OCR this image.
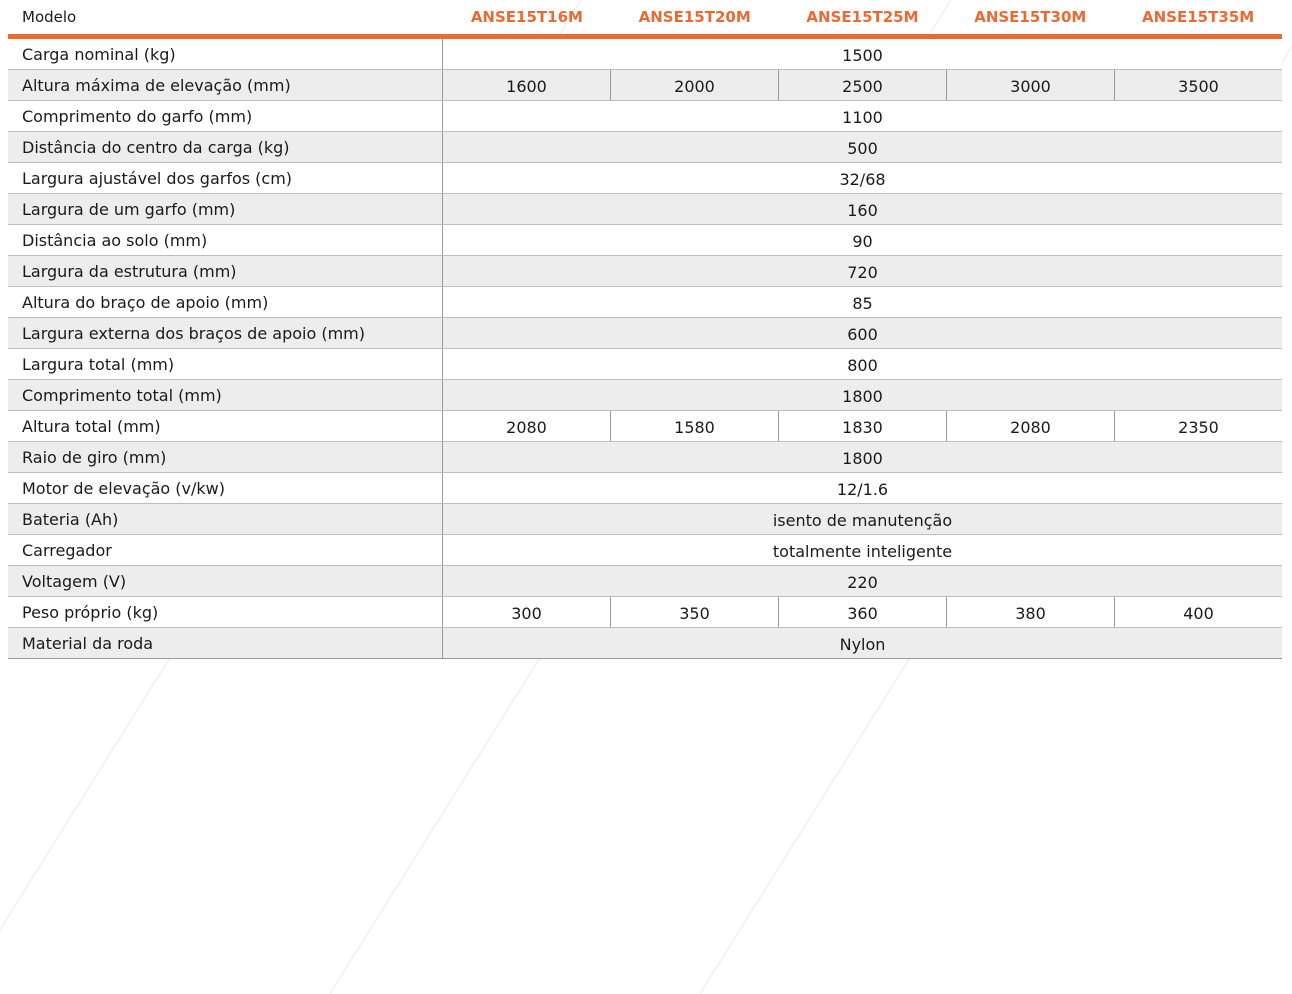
Modelo	ANSE15T16M	ANSE15T20M	ANSE15T25M	ANSE15T30M	ANSE15T35M
Carga nominal (kg)	1500
Altura máxima de elevação (mm)	1600	2000	2500	3000	3500
Comprimento do garfo (mm)	1100
Distância do centro da carga (kg)	500
Largura ajustável dos garfos (cm)	32/68
Largura de um garfo (mm)	160
Distância ao solo (mm)	90
Largura da estrutura (mm)	720
Altura do braço de apoio (mm)	85
Largura externa dos braços de apoio (mm)	600
Largura total (mm)	800
Comprimento total (mm)	1800
Altura total (mm)	2080	1580	1830	2080	2350
Raio de giro (mm)	1800
Motor de elevação (v/kw)	12/1.6
Bateria (Ah)	isento de manutenção
Carregador	totalmente inteligente
Voltagem (V)	220
Peso próprio (kg)	300	350	360	380	400
Material da roda	Nylon
